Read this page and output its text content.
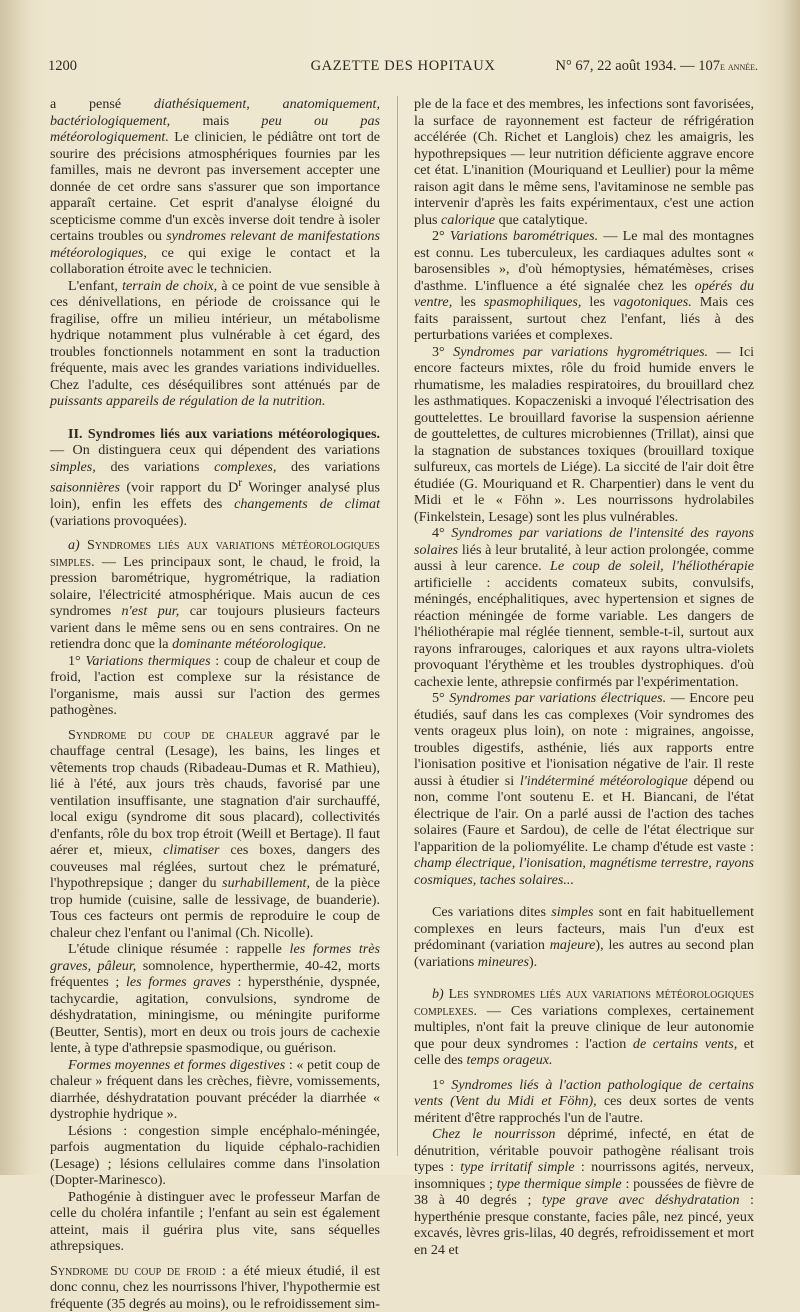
1200	GAZETTE DES HOPITAUX	N° 67, 22 août 1934. — 107e année.

a pensé diathésiquement, anatomiquement, bactériologiquement, mais peu ou pas météorologiquement. Le clinicien, le pédiâtre ont tort de sourire des précisions atmosphériques fournies par les familles, mais ne devront pas inversement accepter une donnée de cet ordre sans s'assurer que son importance apparaît certaine. Cet esprit d'analyse éloigné du scepticisme comme d'un excès inverse doit tendre à isoler certains troubles ou syndromes relevant de manifestations météorologiques, ce qui exige le contact et la collaboration étroite avec le technicien.

L'enfant, terrain de choix, à ce point de vue sensible à ces dénivellations, en période de croissance qui le fragilise, offre un milieu intérieur, un métabolisme hydrique notamment plus vulnérable à cet égard, des troubles fonctionnels notamment en sont la traduction fréquente, mais avec les grandes variations individuelles. Chez l'adulte, ces déséquilibres sont atténués par de puissants appareils de régulation de la nutrition.

II. Syndromes liés aux variations météorologiques. — On distinguera ceux qui dépendent des variations simples, des variations complexes, des variations saisonnières (voir rapport du $D^r$ Woringer analysé plus loin), enfin les effets des changements de climat (variations provoquées).

a) Syndromes liés aux variations météorologiques simples. — Les principaux sont, le chaud, le froid, la pression barométrique, hygrométrique, la radiation solaire, l'électricité atmosphérique. Mais aucun de ces syndromes n'est pur, car toujours plusieurs facteurs varient dans le même sens ou en sens contraires. On ne retiendra donc que la dominante météorologique.

1° Variations thermiques : coup de chaleur et coup de froid, l'action est complexe sur la résistance de l'organisme, mais aussi sur l'action des germes pathogènes.

Syndrome du coup de chaleur aggravé par le chauffage central (Lesage), les bains, les linges et vêtements trop chauds (Ribadeau-Dumas et R. Mathieu), lié à l'été, aux jours très chauds, favorisé par une ventilation insuffisante, une stagnation d'air surchauffé, local exigu (syndrome dit sous placard), collectivités d'enfants, rôle du box trop étroit (Weill et Bertage). Il faut aérer et, mieux, climatiser ces boxes, dangers des couveuses mal réglées, surtout chez le prématuré, l'hypothrepsique ; danger du surhabillement, de la pièce trop humide (cuisine, salle de lessivage, de buanderie). Tous ces facteurs ont permis de reproduire le coup de chaleur chez l'enfant ou l'animal (Ch. Nicolle).

L'étude clinique résumée : rappelle les formes très graves, pâleur, somnolence, hyperthermie, 40-42, morts fréquentes ; les formes graves : hypersthénie, dyspnée, tachycardie, agitation, convulsions, syndrome de déshydratation, miningisme, ou méningite puriforme (Beutter, Sentis), mort en deux ou trois jours de cachexie lente, à type d'athrepsie spasmodique, ou guérison.

Formes moyennes et formes digestives : « petit coup de chaleur » fréquent dans les crèches, fièvre, vomissements, diarrhée, déshydratation pouvant précéder la diarrhée « dystrophie hydrique ».

Lésions : congestion simple encéphalo-méningée, parfois augmentation du liquide céphalo-rachidien (Lesage) ; lésions cellulaires comme dans l'insolation (Dopter-Marinesco).

Pathogénie à distinguer avec le professeur Marfan de celle du choléra infantile ; l'enfant au sein est également atteint, mais il guérira plus vite, sans séquelles athrepsiques.

Syndrome du coup de froid : a été mieux étudié, il est donc connu, chez les nourrissons l'hiver, l'hypothermie est fréquente (35 degrés au moins), ou le refroidissement sim-

ple de la face et des membres, les infections sont favorisées, la surface de rayonnement est facteur de réfrigération accélérée (Ch. Richet et Langlois) chez les amaigris, les hypothrepsiques — leur nutrition déficiente aggrave encore cet état. L'inanition (Mouriquand et Leullier) pour la même raison agit dans le même sens, l'avitaminose ne semble pas intervenir d'après les faits expérimentaux, c'est une action plus calorique que catalytique.

2° Variations barométriques. — Le mal des montagnes est connu. Les tuberculeux, les cardiaques adultes sont « barosensibles », d'où hémoptysies, hématémèses, crises d'asthme. L'influence a été signalée chez les opérés du ventre, les spasmophiliques, les vagotoniques. Mais ces faits paraissent, surtout chez l'enfant, liés à des perturbations variées et complexes.

3° Syndromes par variations hygrométriques. — Ici encore facteurs mixtes, rôle du froid humide envers le rhumatisme, les maladies respiratoires, du brouillard chez les asthmatiques. Kopaczeniski a invoqué l'électrisation des gouttelettes. Le brouillard favorise la suspension aérienne de gouttelettes, de cultures microbiennes (Trillat), ainsi que la stagnation de substances toxiques (brouillard toxique sulfureux, cas mortels de Liége). La siccité de l'air doit être étudiée (G. Mouriquand et R. Charpentier) dans le vent du Midi et le « Föhn ». Les nourrissons hydrolabiles (Finkelstein, Lesage) sont les plus vulnérables.

4° Syndromes par variations de l'intensité des rayons solaires liés à leur brutalité, à leur action prolongée, comme aussi à leur carence. Le coup de soleil, l'héliothérapie artificielle : accidents comateux subits, convulsifs, méningés, encéphalitiques, avec hypertension et signes de réaction méningée de forme variable. Les dangers de l'héliothérapie mal réglée tiennent, semble-t-il, surtout aux rayons infrarouges, caloriques et aux rayons ultra-violets provoquant l'érythème et les troubles dystrophiques. d'où cachexie lente, athrepsie confirmés par l'expérimentation.

5° Syndromes par variations électriques. — Encore peu étudiés, sauf dans les cas complexes (Voir syndromes des vents orageux plus loin), on note : migraines, angoisse, troubles digestifs, asthénie, liés aux rapports entre l'ionisation positive et l'ionisation négative de l'air. Il reste aussi à étudier si l'indéterminé météorologique dépend ou non, comme l'ont soutenu E. et H. Biancani, de l'état électrique de l'air. On a parlé aussi de l'action des taches solaires (Faure et Sardou), de celle de l'état électrique sur l'apparition de la poliomyélite. Le champ d'étude est vaste : champ électrique, l'ionisation, magnétisme terrestre, rayons cosmiques, taches solaires...

Ces variations dites simples sont en fait habituellement complexes en leurs facteurs, mais l'un d'eux est prédominant (variation majeure), les autres au second plan (variations mineures).

b) Les syndromes liés aux variations météorologiques complexes. — Ces variations complexes, certainement multiples, n'ont fait la preuve clinique de leur autonomie que pour deux syndromes : l'action de certains vents, et celle des temps orageux.

1° Syndromes liés à l'action pathologique de certains vents (Vent du Midi et Föhn), ces deux sortes de vents méritent d'être rapprochés l'un de l'autre.

Chez le nourrisson déprimé, infecté, en état de dénutrition, véritable pouvoir pathogène réalisant trois types : type irritatif simple : nourrissons agités, nerveux, insomniques ; type thermique simple : poussées de fièvre de 38 à 40 degrés ; type grave avec déshydratation : hyperthénie presque constante, facies pâle, nez pincé, yeux excavés, lèvres gris-lilas, 40 degrés, refroidissement et mort en 24 et
